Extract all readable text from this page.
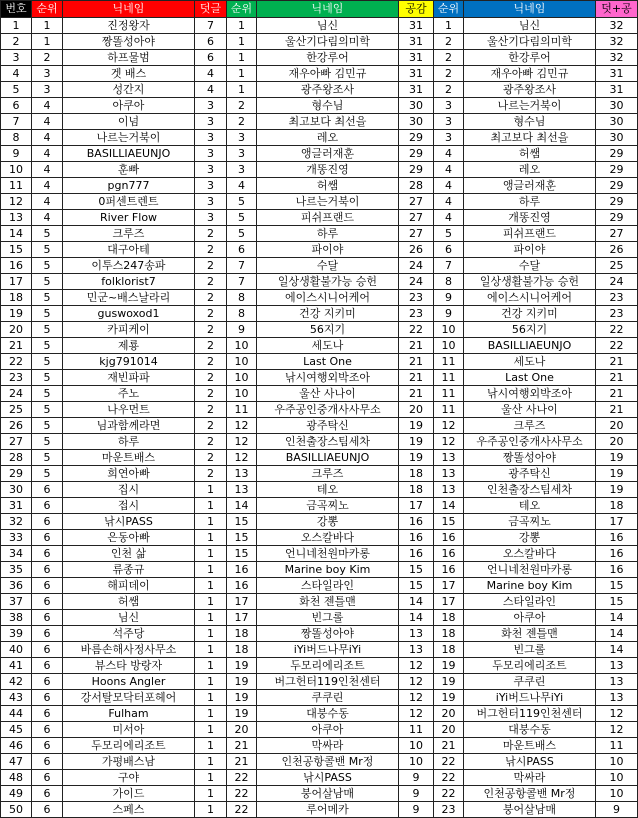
번호	순위	닉네임	덧글	순위	닉네임	공감	순위	닉네임	덧+공
1	1	진정왕자	7	1	님신	31	1	님신	32
2	1	짱똘성아야	6	1	울산기다림의미학	31	2	울산기다림의미학	32
3	2	하프물범	6	1	한강루어	31	2	한강루어	32
4	3	겟 배스	4	1	재우아빠 김민규	31	2	재우아빠 김민규	31
5	3	성간지	4	1	광주왕조사	31	2	광주왕조사	31
6	4	아쿠아	3	2	형수님	30	3	나르는거북이	30
7	4	이넘	3	2	최고보다 최선을	30	3	형수님	30
8	4	나르는거북이	3	3	레오	29	3	최고보다 최선을	30
9	4	BASILLIAEUNJO	3	3	앵글러재훈	29	4	허쌤	29
10	4	훈빠	3	3	개똥진영	29	4	레오	29
11	4	pgn777	3	4	허쌤	28	4	앵글러재훈	29
12	4	0퍼센트렌트	3	5	나르는거북이	27	4	하루	29
13	4	River Flow	3	5	피쉬프랜드	27	4	개똥진영	29
14	5	크루즈	2	5	하루	27	5	피쉬프랜드	27
15	5	대구아테	2	6	파이야	26	6	파이야	26
16	5	이투스247송파	2	7	수달	24	7	수달	25
17	5	folklorist7	2	7	일상생활불가능 승헌	24	8	일상생활불가능 승헌	24
18	5	민군~배스날라리	2	8	에이스시니어케어	23	9	에이스시니어케어	23
19	5	guswoxod1	2	8	건강 지키미	23	9	건강 지키미	23
20	5	카피케이	2	9	56지기	22	10	56지기	22
21	5	제룡	2	10	세도나	21	10	BASILLIAEUNJO	22
22	5	kjg791014	2	10	Last One	21	11	세도나	21
23	5	재빈파파	2	10	낚시여행외박조아	21	11	Last One	21
24	5	주노	2	10	울산 사나이	21	11	낚시여행외박조아	21
25	5	나우먼트	2	11	우주공인중개사사무소	20	11	울산 사나이	21
26	5	님과함께라면	2	12	광주탁신	19	12	크루즈	20
27	5	하루	2	12	인천출장스팀세차	19	12	우주공인중개사사무소	20
28	5	마운트배스	2	12	BASILLIAEUNJO	19	13	짱똘성아야	19
29	5	희연아빠	2	13	크루즈	18	13	광주탁신	19
30	6	집시	1	13	테오	18	13	인천출장스팀세차	19
31	6	접시	1	14	금곡찌노	17	14	테오	18
32	6	낚시PASS	1	15	강뽕	16	15	금곡찌노	17
33	6	은동아빠	1	15	오스칼바다	16	16	강뽕	16
34	6	인천 삶	1	15	언니네천원마카롱	16	16	오스칼바다	16
35	6	류종규	1	16	Marine boy Kim	15	16	언니네천원마카롱	16
36	6	해피데이	1	16	스타일라인	15	17	Marine boy Kim	15
37	6	허쌤	1	17	화천 젠틀맨	14	17	스타일라인	15
38	6	님신	1	17	빈그롤	14	18	아쿠아	14
39	6	석주당	1	18	짱똘성아야	13	18	화천 젠틀맨	14
40	6	바름손해사정사무소	1	18	iYi버드나무iYi	13	18	빈그롤	14
41	6	뷰스타 방랑자	1	19	두모리에리조트	12	19	두모리에리조트	13
42	6	Hoons Angler	1	19	버그헌터119인천센터	12	19	쿠쿠린	13
43	6	강서탈모닥터포헤어	1	19	쿠쿠린	12	19	iYi버드나무iYi	13
44	6	Fulham	1	19	대붕수동	12	20	버그헌터119인천센터	12
45	6	미서아	1	20	아쿠아	11	20	대붕수동	12
46	6	두모리에리조트	1	21	막싸라	10	21	마운트배스	11
47	6	가평배스남	1	21	인천공항콜밴 Mr정	10	22	낚시PASS	10
48	6	구야	1	22	낚시PASS	9	22	막싸라	10
49	6	가이드	1	22	붕어살남매	9	22	인천공항콜밴 Mr정	10
50	6	스페스	1	22	루어메카	9	23	붕어살남매	9
